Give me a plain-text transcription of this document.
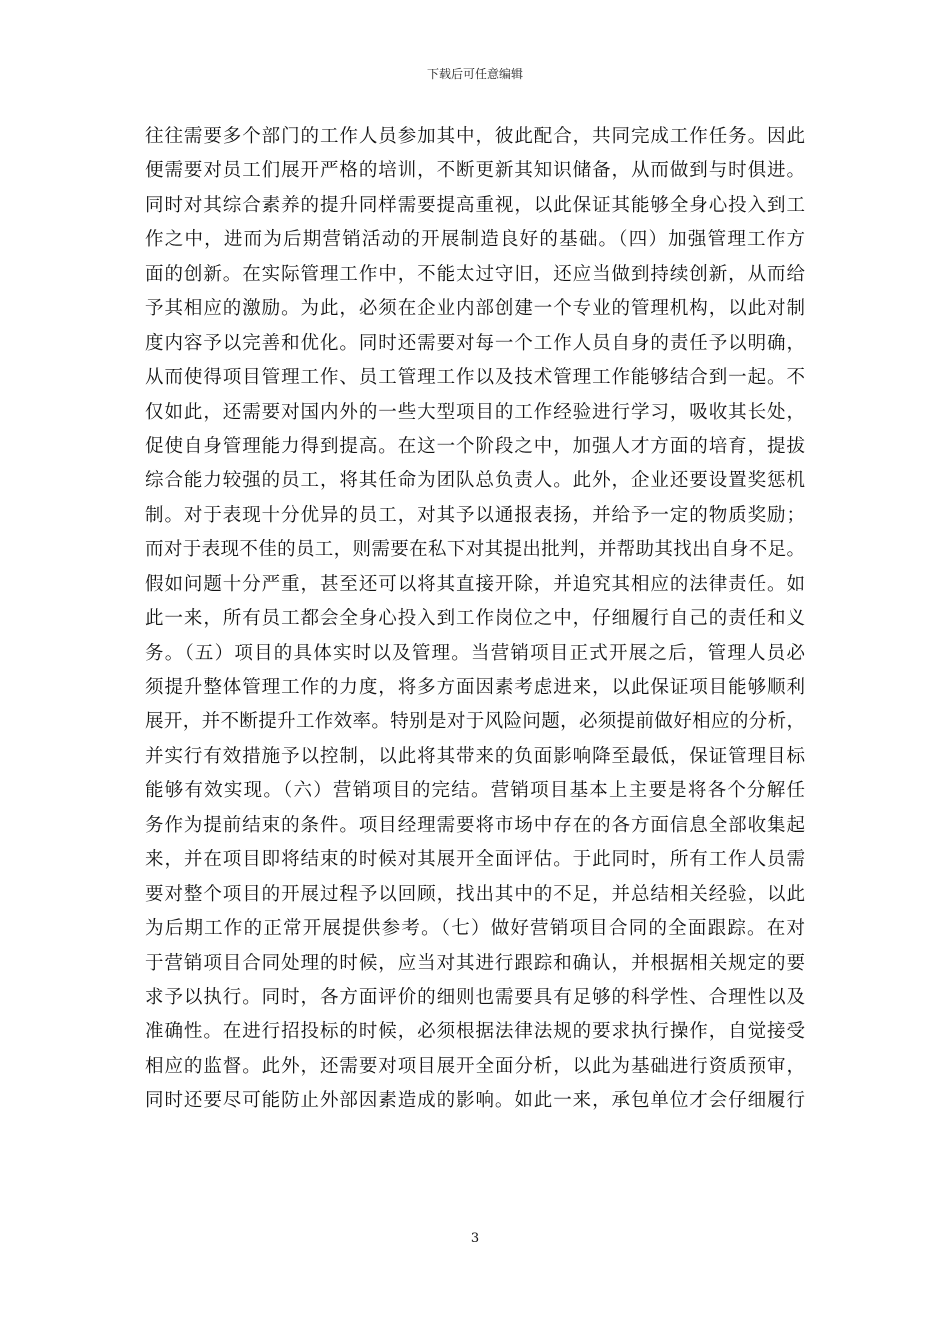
下载后可任意编辑
往往需要多个部门的工作人员参加其中，彼此配合，共同完成工作任务。因此
便需要对员工们展开严格的培训，不断更新其知识储备，从而做到与时俱进。
同时对其综合素养的提升同样需要提高重视，以此保证其能够全身心投入到工
作之中，进而为后期营销活动的开展制造良好的基础。（四）加强管理工作方
面的创新。在实际管理工作中，不能太过守旧，还应当做到持续创新，从而给
予其相应的激励。为此，必须在企业内部创建一个专业的管理机构，以此对制
度内容予以完善和优化。同时还需要对每一个工作人员自身的责任予以明确，
从而使得项目管理工作、员工管理工作以及技术管理工作能够结合到一起。不
仅如此，还需要对国内外的一些大型项目的工作经验进行学习，吸收其长处，
促使自身管理能力得到提高。在这一个阶段之中，加强人才方面的培育，提拔
综合能力较强的员工，将其任命为团队总负责人。此外，企业还要设置奖惩机
制。对于表现十分优异的员工，对其予以通报表扬，并给予一定的物质奖励；
而对于表现不佳的员工，则需要在私下对其提出批判，并帮助其找出自身不足。
假如问题十分严重，甚至还可以将其直接开除，并追究其相应的法律责任。如
此一来，所有员工都会全身心投入到工作岗位之中，仔细履行自己的责任和义
务。（五）项目的具体实时以及管理。当营销项目正式开展之后，管理人员必
须提升整体管理工作的力度，将多方面因素考虑进来，以此保证项目能够顺利
展开，并不断提升工作效率。特别是对于风险问题，必须提前做好相应的分析，
并实行有效措施予以控制，以此将其带来的负面影响降至最低，保证管理目标
能够有效实现。（六）营销项目的完结。营销项目基本上主要是将各个分解任
务作为提前结束的条件。项目经理需要将市场中存在的各方面信息全部收集起
来，并在项目即将结束的时候对其展开全面评估。于此同时，所有工作人员需
要对整个项目的开展过程予以回顾，找出其中的不足，并总结相关经验，以此
为后期工作的正常开展提供参考。（七）做好营销项目合同的全面跟踪。在对
于营销项目合同处理的时候，应当对其进行跟踪和确认，并根据相关规定的要
求予以执行。同时，各方面评价的细则也需要具有足够的科学性、合理性以及
准确性。在进行招投标的时候，必须根据法律法规的要求执行操作，自觉接受
相应的监督。此外，还需要对项目展开全面分析，以此为基础进行资质预审，
同时还要尽可能防止外部因素造成的影响。如此一来，承包单位才会仔细履行
3
